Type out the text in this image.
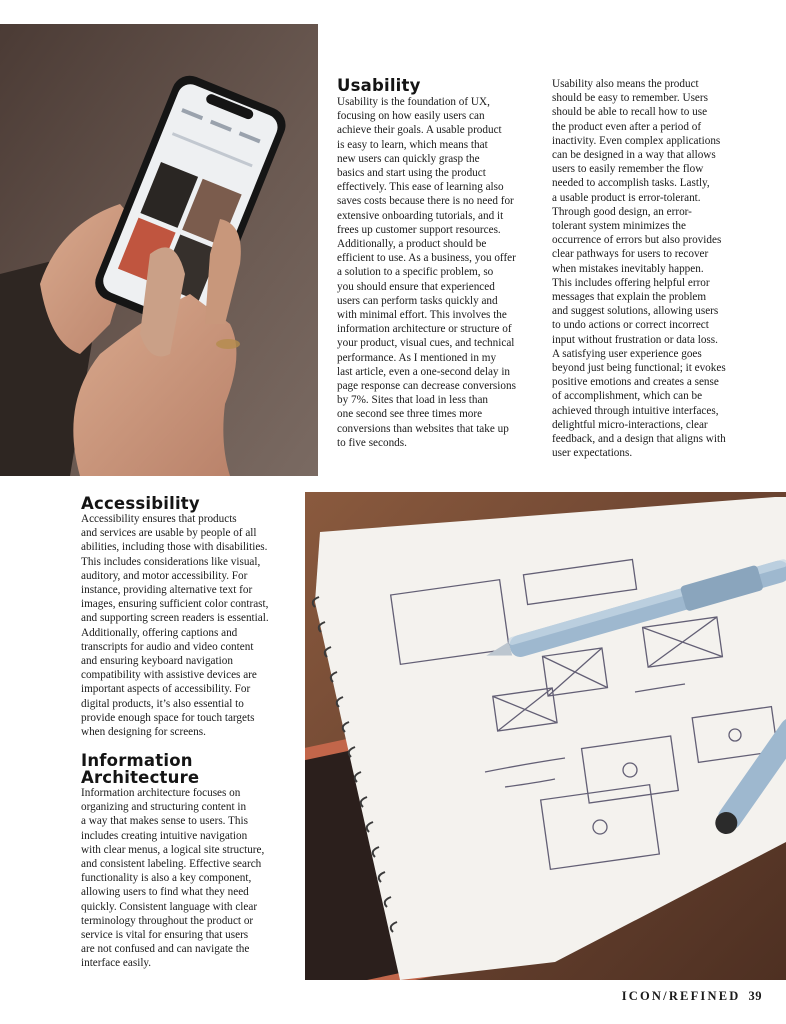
Usability
Usability is the foundation of UX,
focusing on how easily users can
achieve their goals. A usable product
is easy to learn, which means that
new users can quickly grasp the
basics and start using the product
effectively. This ease of learning also
saves costs because there is no need for
extensive onboarding tutorials, and it
frees up customer support resources.
Additionally, a product should be
efficient to use. As a business, you offer
a solution to a specific problem, so
you should ensure that experienced
users can perform tasks quickly and
with minimal effort. This involves the
information architecture or structure of
your product, visual cues, and technical
performance. As I mentioned in my
last article, even a one-second delay in
page response can decrease conversions
by 7%. Sites that load in less than
one second see three times more
conversions than websites that take up
to five seconds.
Usability also means the product
should be easy to remember. Users
should be able to recall how to use
the product even after a period of
inactivity. Even complex applications
can be designed in a way that allows
users to easily remember the flow
needed to accomplish tasks. Lastly,
a usable product is error-tolerant.
Through good design, an error-
tolerant system minimizes the
occurrence of errors but also provides
clear pathways for users to recover
when mistakes inevitably happen.
This includes offering helpful error
messages that explain the problem
and suggest solutions, allowing users
to undo actions or correct incorrect
input without frustration or data loss.
A satisfying user experience goes
beyond just being functional; it evokes
positive emotions and creates a sense
of accomplishment, which can be
achieved through intuitive interfaces,
delightful micro-interactions, clear
feedback, and a design that aligns with
user expectations.
Accessibility
Accessibility ensures that products
and services are usable by people of all
abilities, including those with disabilities.
This includes considerations like visual,
auditory, and motor accessibility. For
instance, providing alternative text for
images, ensuring sufficient color contrast,
and supporting screen readers is essential.
Additionally, offering captions and
transcripts for audio and video content
and ensuring keyboard navigation
compatibility with assistive devices are
important aspects of accessibility. For
digital products, it’s also essential to
provide enough space for touch targets
when designing for screens.
Information
Architecture
Information architecture focuses on
organizing and structuring content in
a way that makes sense to users. This
includes creating intuitive navigation
with clear menus, a logical site structure,
and consistent labeling. Effective search
functionality is also a key component,
allowing users to find what they need
quickly. Consistent language with clear
terminology throughout the product or
service is vital for ensuring that users
are not confused and can navigate the
interface easily.
ICON/REFINED 39
